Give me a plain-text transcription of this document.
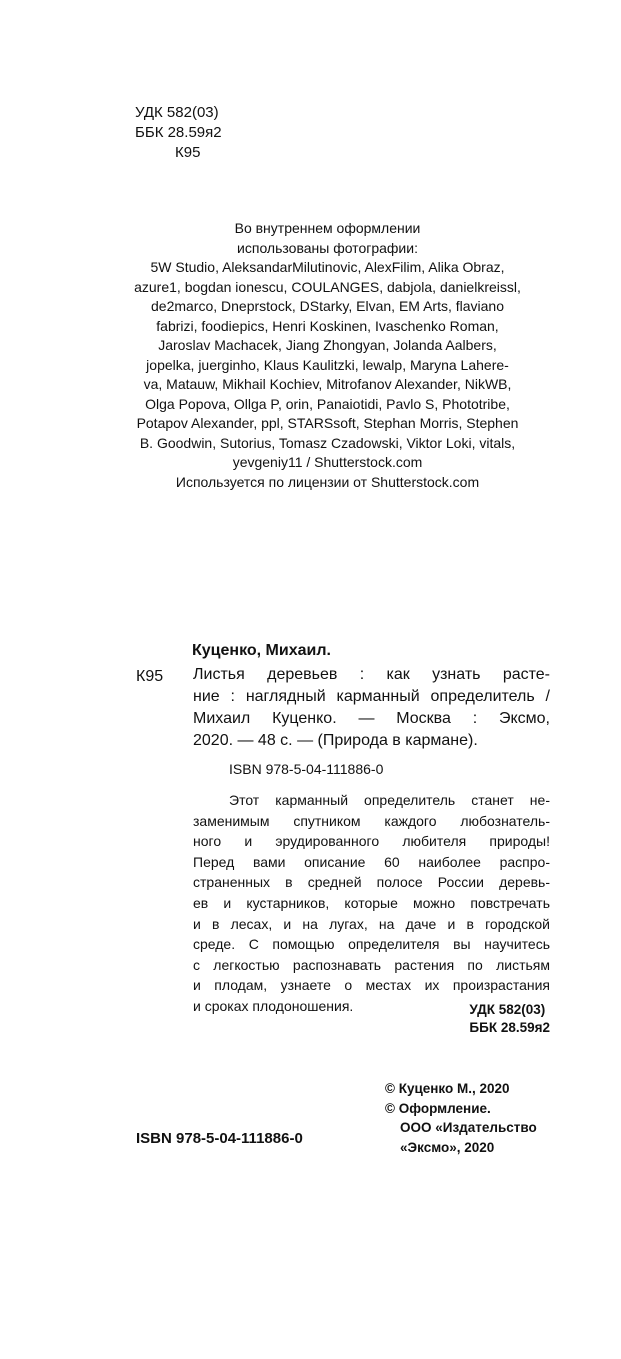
УДК 582(03)
ББК 28.59я2
К95
Во внутреннем оформлении
использованы фотографии:
5W Studio, AleksandarMilutinovic, AlexFilim, Alika Obraz,
azure1, bogdan ionescu, COULANGES, dabjola, danielkreissl,
de2marco, Dneprstock, DStarky, Elvan, EM Arts, flaviano
fabrizi, foodiepics, Henri Koskinen, Ivaschenko Roman,
Jaroslav Machacek, Jiang Zhongyan, Jolanda Aalbers,
jopelka, juerginho, Klaus Kaulitzki, lewalp, Maryna Lahere-
va, Matauw, Mikhail Kochiev, Mitrofanov Alexander, NikWB,
Olga Popova, Ollga P, orin, Panaiotidi, Pavlo S, Phototribe,
Potapov Alexander, ppl, STARSsoft, Stephan Morris, Stephen
B. Goodwin, Sutorius, Tomasz Czadowski, Viktor Loki, vitals,
yevgeniy11 / Shutterstock.com
Используется по лицензии от Shutterstock.com
Куценко, Михаил.
К95 Листья деревьев : как узнать расте-
ние : наглядный карманный определитель /
Михаил Куценко. — Москва : Эксмо,
2020. — 48 с. — (Природа в кармане).
ISBN 978-5-04-111886-0
Этот карманный определитель станет не-
заменимым спутником каждого любознатель-
ного и эрудированного любителя природы!
Перед вами описание 60 наиболее распро-
страненных в средней полосе России деревь-
ев и кустарников, которые можно повстречать
и в лесах, и на лугах, на даче и в городской
среде. С помощью определителя вы научитесь
с легкостью распознавать растения по листьям
и плодам, узнаете о местах их произрастания
и сроках плодоношения.	УДК 582(03)
ББК 28.59я2
© Куценко М., 2020
© Оформление.
ООО «Издательство
«Эксмо», 2020
ISBN 978-5-04-111886-0
